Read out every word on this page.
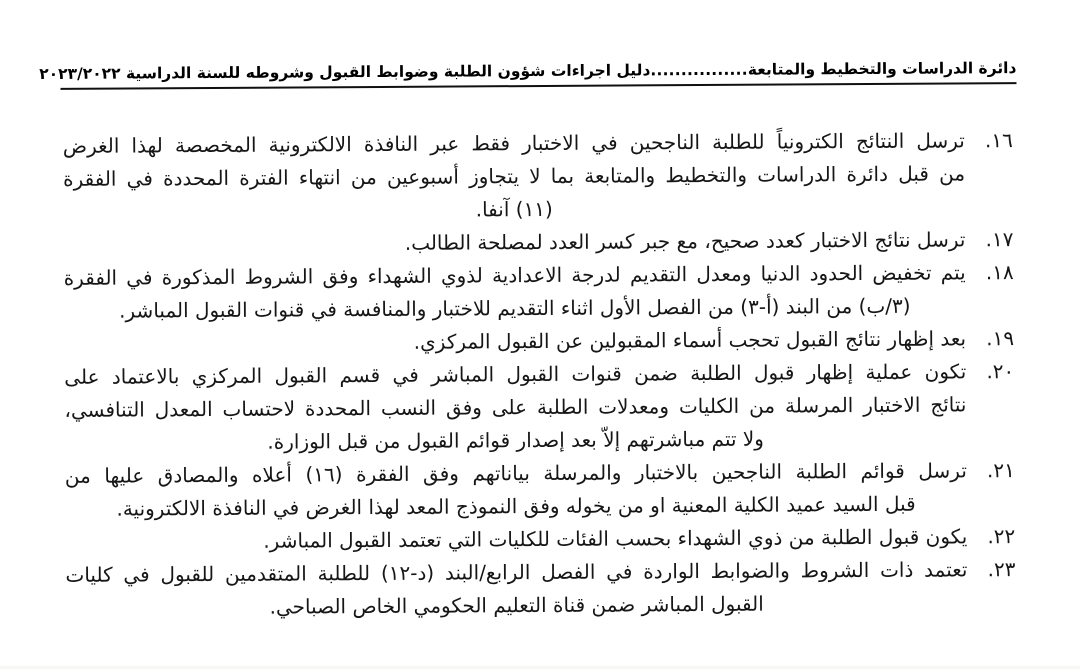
دائرة الدراسات والتخطيط والمتابعة
................
دليل اجراءات شؤون الطلبة وضوابط القبول وشروطه للسنة الدراسية ٢٠٢٣/٢٠٢٢
١٦.
ترسل النتائج الكترونياً للطلبة الناجحين في الاختبار فقط عبر النافذة الالكترونية المخصصة لهذا الغرض
من قبل دائرة الدراسات والتخطيط والمتابعة بما لا يتجاوز أسبوعين من انتهاء الفترة المحددة في الفقرة
(١١) آنفا.
١٧.
ترسل نتائج الاختبار كعدد صحيح، مع جبر كسر العدد لمصلحة الطالب.
١٨.
يتم تخفيض الحدود الدنيا ومعدل التقديم لدرجة الاعدادية لذوي الشهداء وفق الشروط المذكورة في الفقرة
(٣/ب) من البند (أ-٣) من الفصل الأول اثناء التقديم للاختبار والمنافسة في قنوات القبول المباشر.
١٩.
بعد إظهار نتائج القبول تحجب أسماء المقبولين عن القبول المركزي.
٢٠.
تكون عملية إظهار قبول الطلبة ضمن قنوات القبول المباشر في قسم القبول المركزي بالاعتماد على
نتائج الاختبار المرسلة من الكليات ومعدلات الطلبة على وفق النسب المحددة لاحتساب المعدل التنافسي،
ولا تتم مباشرتهم إلاّ بعد إصدار قوائم القبول من قبل الوزارة.
٢١.
ترسل قوائم الطلبة الناجحين بالاختبار والمرسلة بياناتهم وفق الفقرة (١٦) أعلاه والمصادق عليها من
قبل السيد عميد الكلية المعنية او من يخوله وفق النموذج المعد لهذا الغرض في النافذة الالكترونية.
٢٢.
يكون قبول الطلبة من ذوي الشهداء بحسب الفئات للكليات التي تعتمد القبول المباشر.
٢٣.
تعتمد ذات الشروط والضوابط الواردة في الفصل الرابع/البند (د-١٢) للطلبة المتقدمين للقبول في كليات
القبول المباشر ضمن قناة التعليم الحكومي الخاص الصباحي.
